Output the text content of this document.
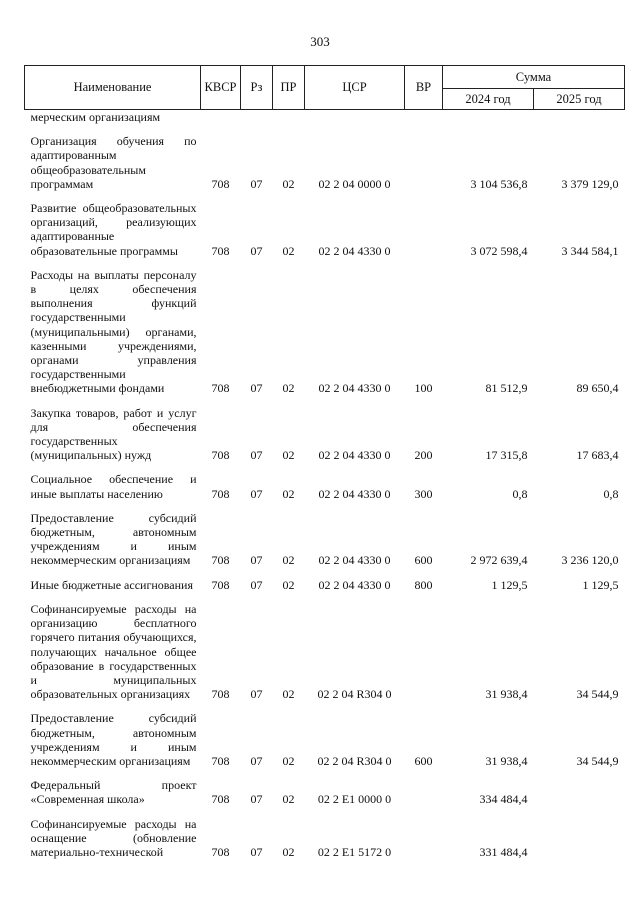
303
Наименование	КВСР	Рз	ПР	ЦСР	ВР	Сумма	
						2024 год	2025 год
мерческим организациям							

Организация обучения по адаптированным общеобразовательным программам	708	07	02	02 2 04 0000 0		3 104 536,8	3 379 129,0

Развитие общеобразовательных организаций, реализующих адаптированные образовательные программы	708	07	02	02 2 04 4330 0		3 072 598,4	3 344 584,1

Расходы на выплаты персоналу в целях обеспечения выполнения функций государственными (муниципальными) органами, казенными учреждениями, органами управления государственными внебюджетными фондами	708	07	02	02 2 04 4330 0	100	81 512,9	89 650,4

Закупка товаров, работ и услуг для обеспечения государственных (муниципальных) нужд	708	07	02	02 2 04 4330 0	200	17 315,8	17 683,4

Социальное обеспечение и иные выплаты населению	708	07	02	02 2 04 4330 0	300	0,8	0,8

Предоставление субсидий бюджетным, автономным учреждениям и иным некоммерческим организациям	708	07	02	02 2 04 4330 0	600	2 972 639,4	3 236 120,0

Иные бюджетные ассигнования	708	07	02	02 2 04 4330 0	800	1 129,5	1 129,5

Софинансируемые расходы на организацию бесплатного горячего питания обучающихся, получающих начальное общее образование в государственных и муниципальных образовательных организациях	708	07	02	02 2 04 R304 0		31 938,4	34 544,9

Предоставление субсидий бюджетным, автономным учреждениям и иным некоммерческим организациям	708	07	02	02 2 04 R304 0	600	31 938,4	34 544,9

Федеральный проект «Современная школа»	708	07	02	02 2 E1 0000 0		334 484,4	

Софинансируемые расходы на оснащение (обновление материально-технической	708	07	02	02 2 E1 5172 0		331 484,4	
